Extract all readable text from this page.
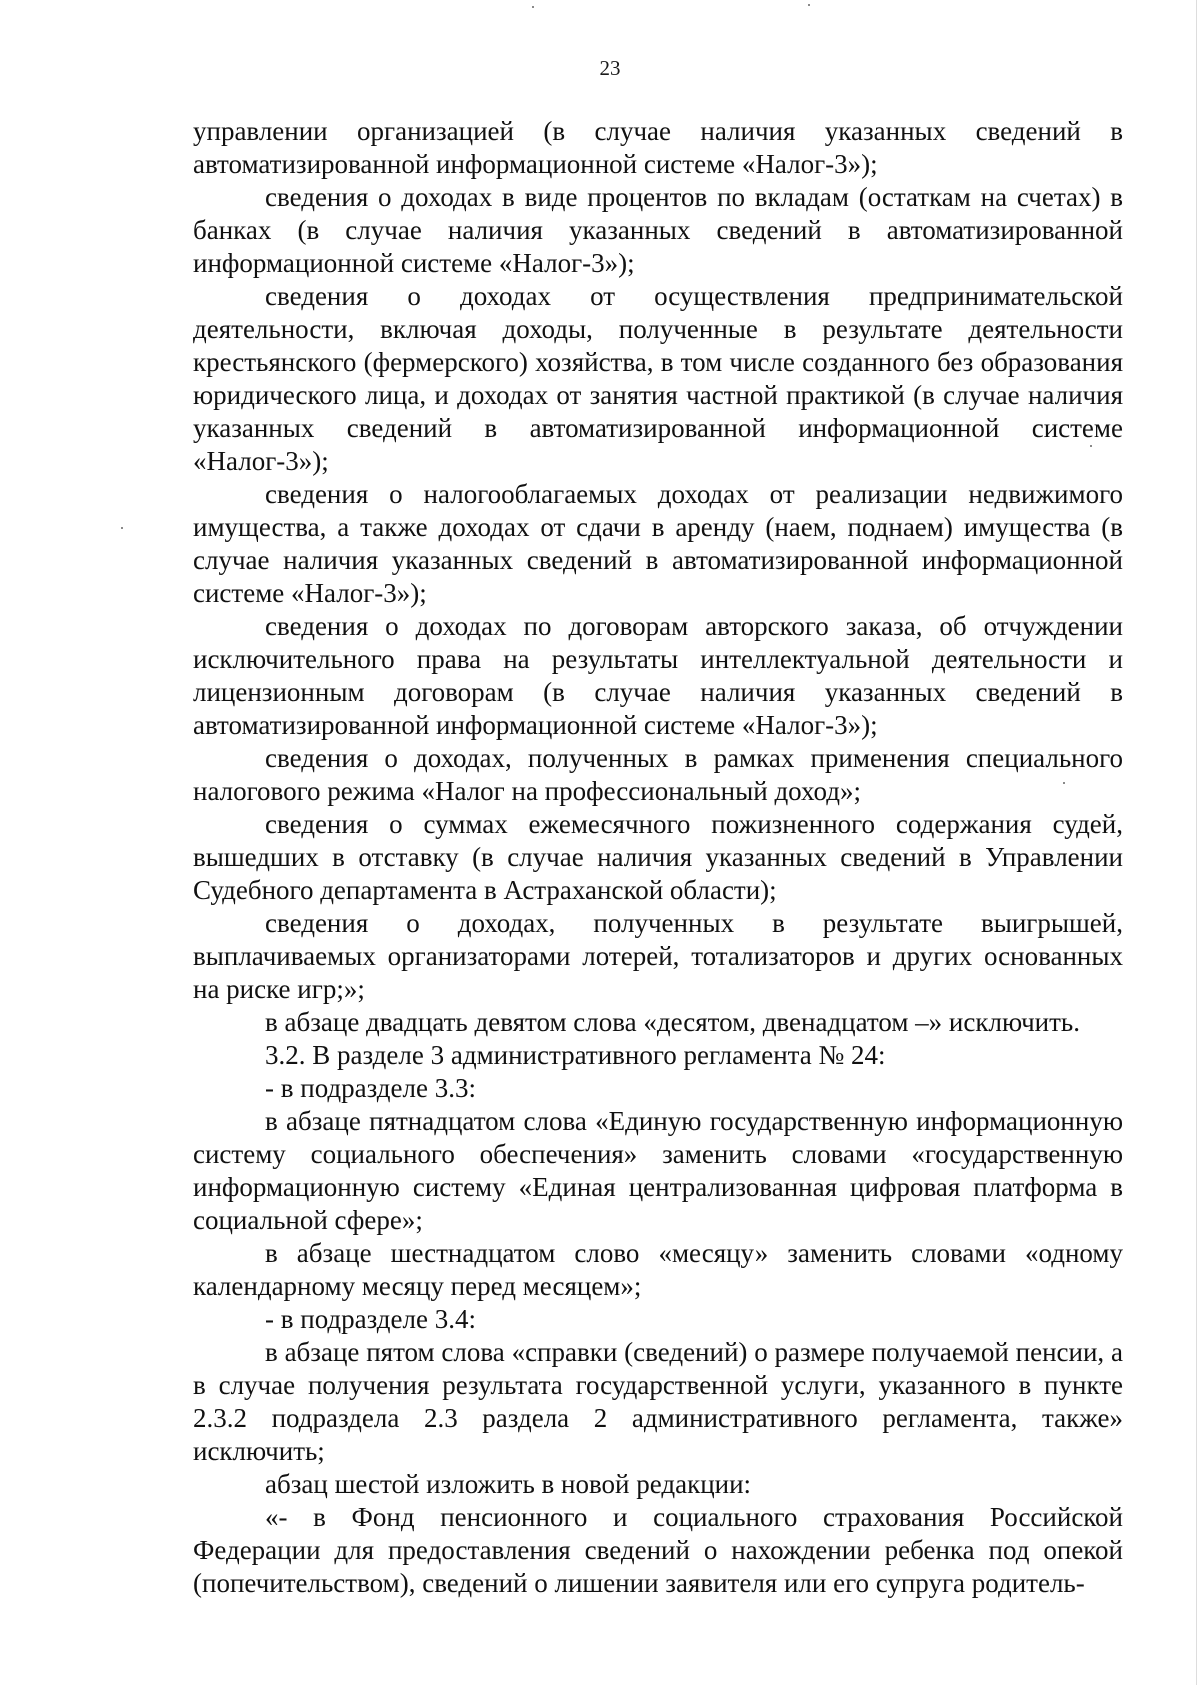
23

управлении организацией (в случае наличия указанных сведений в автоматизированной информационной системе «Налог-3»);

сведения о доходах в виде процентов по вкладам (остаткам на счетах) в банках (в случае наличия указанных сведений в автоматизированной информационной системе «Налог-3»);

сведения о доходах от осуществления предпринимательской деятельности, включая доходы, полученные в результате деятельности крестьянского (фермерского) хозяйства, в том числе созданного без образования юридического лица, и доходах от занятия частной практикой (в случае наличия указанных сведений в автоматизированной информационной системе «Налог-3»);

сведения о налогооблагаемых доходах от реализации недвижимого имущества, а также доходах от сдачи в аренду (наем, поднаем) имущества (в случае наличия указанных сведений в автоматизированной информационной системе «Налог-3»);

сведения о доходах по договорам авторского заказа, об отчуждении исключительного права на результаты интеллектуальной деятельности и лицензионным договорам (в случае наличия указанных сведений в автоматизированной информационной системе «Налог-3»);

сведения о доходах, полученных в рамках применения специального налогового режима «Налог на профессиональный доход»;

сведения о суммах ежемесячного пожизненного содержания судей, вышедших в отставку (в случае наличия указанных сведений в Управлении Судебного департамента в Астраханской области);

сведения о доходах, полученных в результате выигрышей, выплачиваемых организаторами лотерей, тотализаторов и других основанных на риске игр;»;

в абзаце двадцать девятом слова «десятом, двенадцатом –» исключить.

3.2. В разделе 3 административного регламента № 24:

- в подразделе 3.3:

в абзаце пятнадцатом слова «Единую государственную информационную систему социального обеспечения» заменить словами «государственную информационную систему «Единая централизованная цифровая платформа в социальной сфере»;

в абзаце шестнадцатом слово «месяцу» заменить словами «одному календарному месяцу перед месяцем»;

- в подразделе 3.4:

в абзаце пятом слова «справки (сведений) о размере получаемой пенсии, а в случае получения результата государственной услуги, указанного в пункте 2.3.2 подраздела 2.3 раздела 2 административного регламента, также» исключить;

абзац шестой изложить в новой редакции:

«- в Фонд пенсионного и социального страхования Российской Федерации для предоставления сведений о нахождении ребенка под опекой (попечительством), сведений о лишении заявителя или его супруга родитель-
